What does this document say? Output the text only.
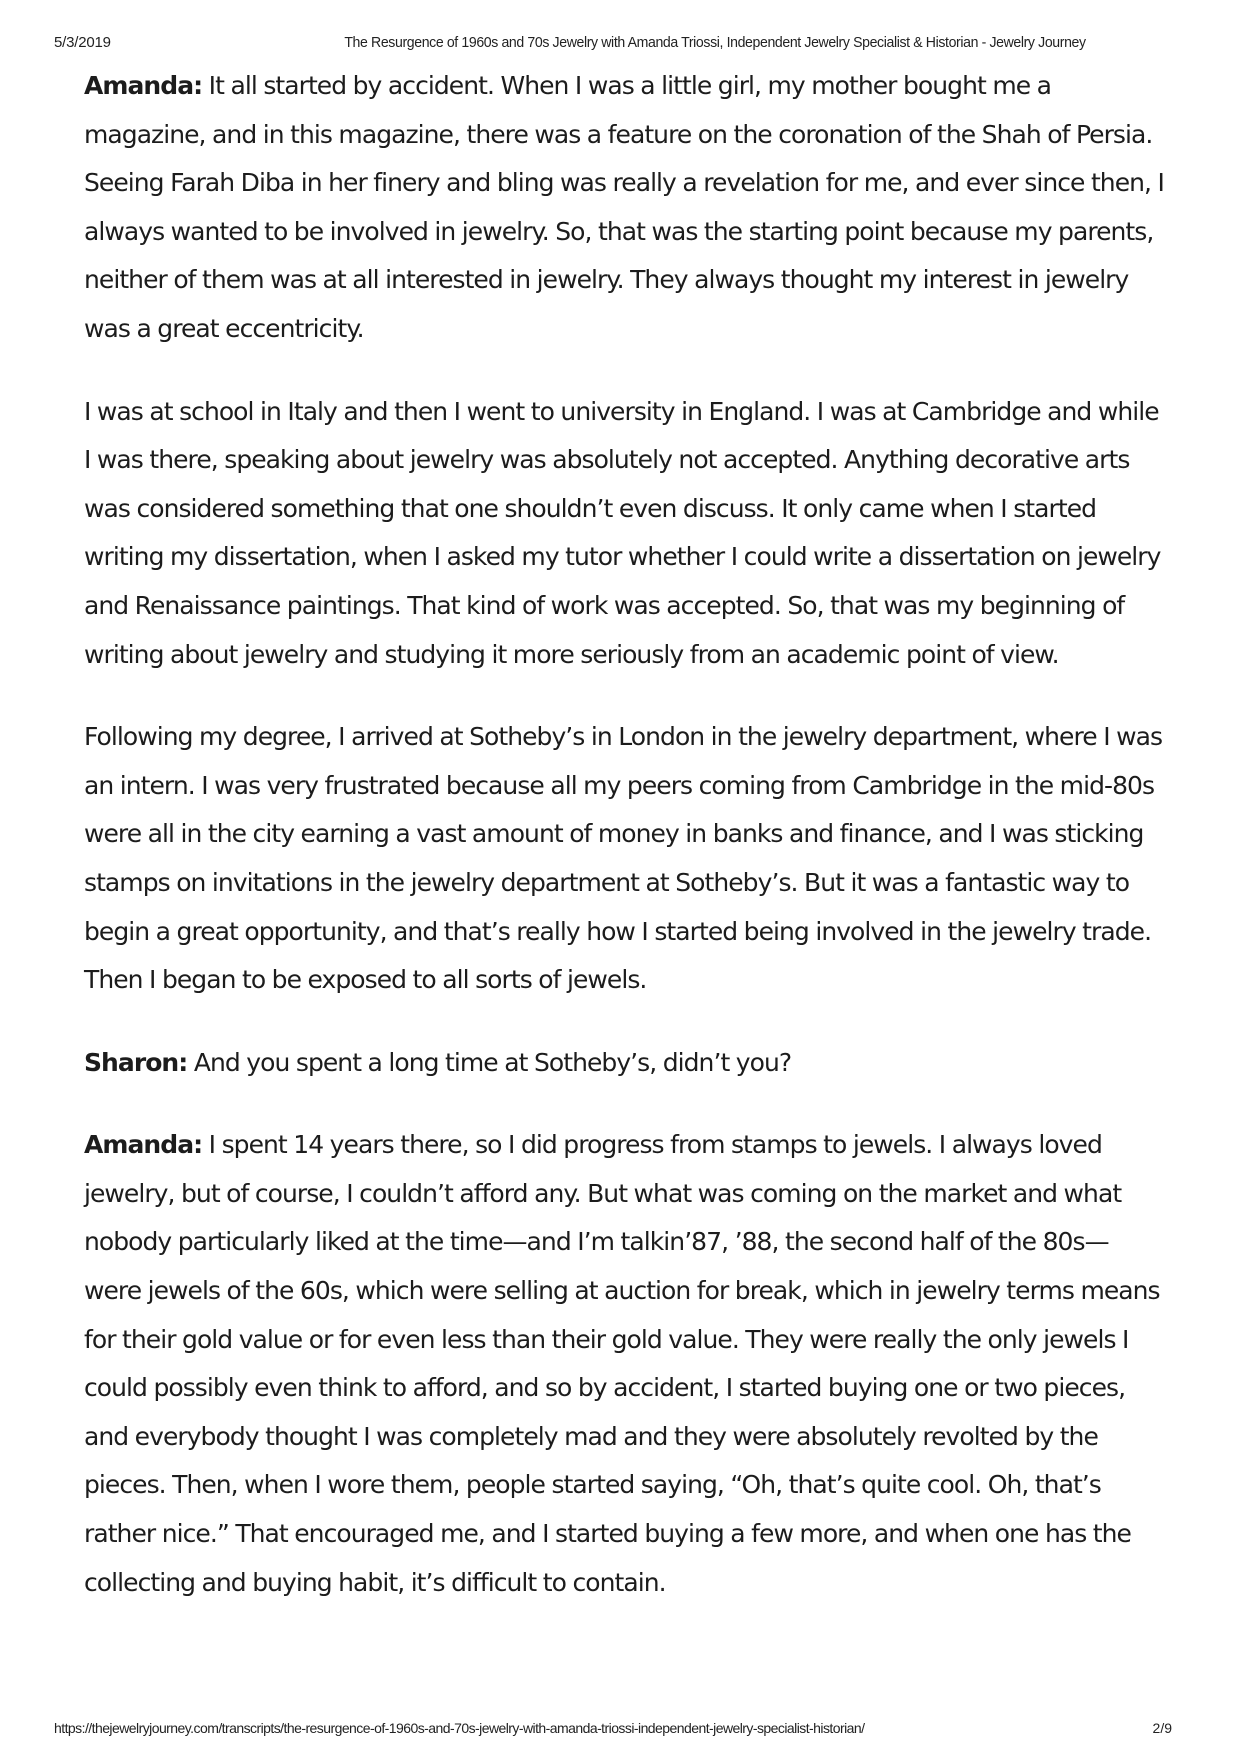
5/3/2019	The Resurgence of 1960s and 70s Jewelry with Amanda Triossi, Independent Jewelry Specialist & Historian - Jewelry Journey

Amanda: It all started by accident. When I was a little girl, my mother bought me a magazine, and in this magazine, there was a feature on the coronation of the Shah of Persia. Seeing Farah Diba in her finery and bling was really a revelation for me, and ever since then, I always wanted to be involved in jewelry. So, that was the starting point because my parents, neither of them was at all interested in jewelry. They always thought my interest in jewelry was a great eccentricity.

I was at school in Italy and then I went to university in England. I was at Cambridge and while I was there, speaking about jewelry was absolutely not accepted. Anything decorative arts was considered something that one shouldn’t even discuss. It only came when I started writing my dissertation, when I asked my tutor whether I could write a dissertation on jewelry and Renaissance paintings. That kind of work was accepted. So, that was my beginning of writing about jewelry and studying it more seriously from an academic point of view.

Following my degree, I arrived at Sotheby’s in London in the jewelry department, where I was an intern. I was very frustrated because all my peers coming from Cambridge in the mid-80s were all in the city earning a vast amount of money in banks and finance, and I was sticking stamps on invitations in the jewelry department at Sotheby’s. But it was a fantastic way to begin a great opportunity, and that’s really how I started being involved in the jewelry trade. Then I began to be exposed to all sorts of jewels.

Sharon: And you spent a long time at Sotheby’s, didn’t you?

Amanda: I spent 14 years there, so I did progress from stamps to jewels. I always loved jewelry, but of course, I couldn’t afford any. But what was coming on the market and what nobody particularly liked at the time—and I’m talkin’87, ’88, the second half of the 80s—were jewels of the 60s, which were selling at auction for break, which in jewelry terms means for their gold value or for even less than their gold value. They were really the only jewels I could possibly even think to afford, and so by accident, I started buying one or two pieces, and everybody thought I was completely mad and they were absolutely revolted by the pieces. Then, when I wore them, people started saying, “Oh, that’s quite cool. Oh, that’s rather nice.” That encouraged me, and I started buying a few more, and when one has the collecting and buying habit, it’s difficult to contain.

https://thejewelryjourney.com/transcripts/the-resurgence-of-1960s-and-70s-jewelry-with-amanda-triossi-independent-jewelry-specialist-historian/	2/9
